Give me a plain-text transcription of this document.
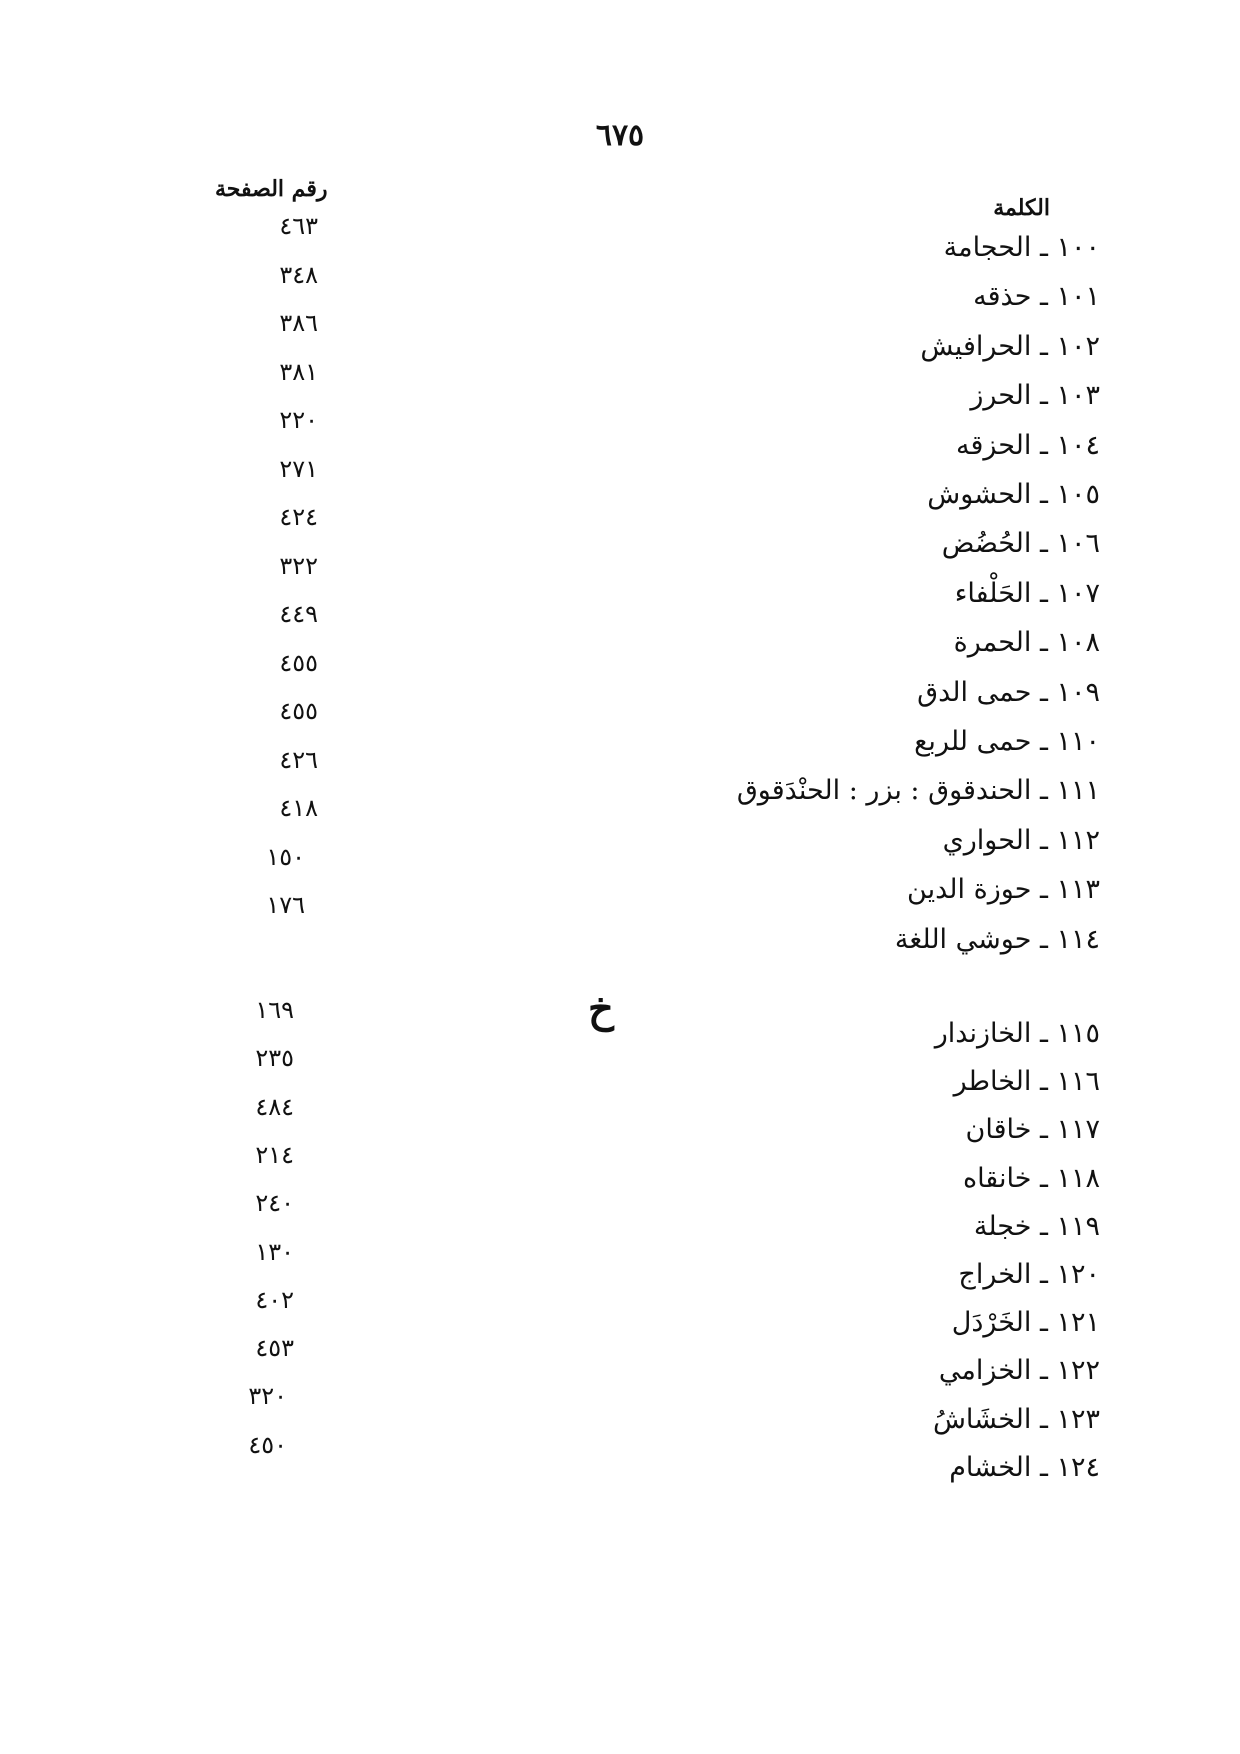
٦٧٥
الكلمة
رقم الصفحة
خ
١٠٠ ـ الحجامة
٤٦٣
١٠١ ـ حذقه
٣٤٨
١٠٢ ـ الحرافيش
٣٨٦
١٠٣ ـ الحرز
٣٨١
١٠٤ ـ الحزقه
٢٢٠
١٠٥ ـ الحشوش
٢٧١
١٠٦ ـ الحُضُض
٤٢٤
١٠٧ ـ الحَلْفاء
٣٢٢
١٠٨ ـ الحمرة
٤٤٩
١٠٩ ـ حمى الدق
٤٥٥
١١٠ ـ حمى للربع
٤٥٥
١١١ ـ الحندقوق : بزر : الحنْدَقوق
٤٢٦
١١٢ ـ الحواري
٤١٨
١١٣ ـ حوزة الدين
١٥٠
١١٤ ـ حوشي اللغة
١٧٦
١١٥ ـ الخازندار
١٦٩
١١٦ ـ الخاطر
٢٣٥
١١٧ ـ خاقان
٤٨٤
١١٨ ـ خانقاه
٢١٤
١١٩ ـ خجلة
٢٤٠
١٢٠ ـ الخراج
١٣٠
١٢١ ـ الخَرْدَل
٤٠٢
١٢٢ ـ الخزامي
٤٥٣
١٢٣ ـ الخشَاشُ
٣٢٠
١٢٤ ـ الخشام
٤٥٠
